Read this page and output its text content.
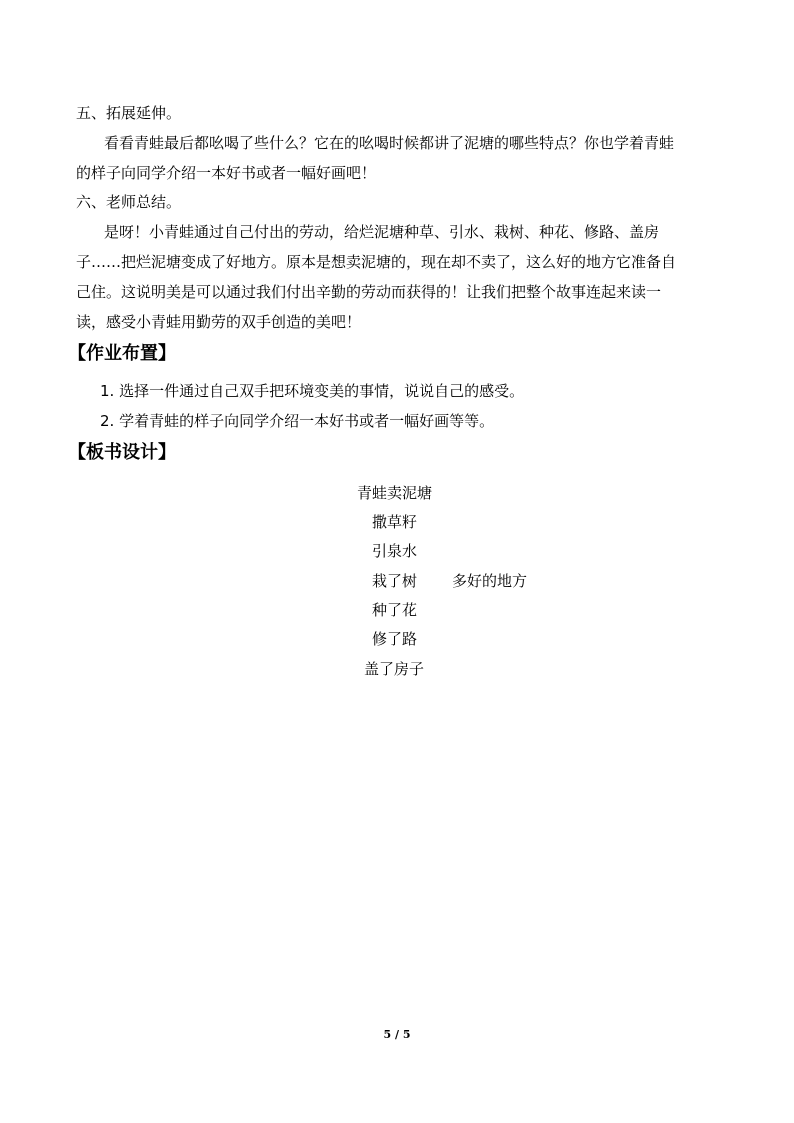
五、拓展延伸。
看看青蛙最后都吆喝了些什么？它在的吆喝时候都讲了泥塘的哪些特点？你也学着青蛙
的样子向同学介绍一本好书或者一幅好画吧！
六、老师总结。
是呀！小青蛙通过自己付出的劳动，给烂泥塘种草、引水、栽树、种花、修路、盖房
子……把烂泥塘变成了好地方。原本是想卖泥塘的，现在却不卖了，这么好的地方它准备自
己住。这说明美是可以通过我们付出辛勤的劳动而获得的！让我们把整个故事连起来读一
读，感受小青蛙用勤劳的双手创造的美吧！
【作业布置】
1. 选择一件通过自己双手把环境变美的事情，说说自己的感受。
2. 学着青蛙的样子向同学介绍一本好书或者一幅好画等等。
【板书设计】
青蛙卖泥塘
撒草籽
引泉水
栽了树 多好的地方
种了花
修了路
盖了房子
5 / 5
